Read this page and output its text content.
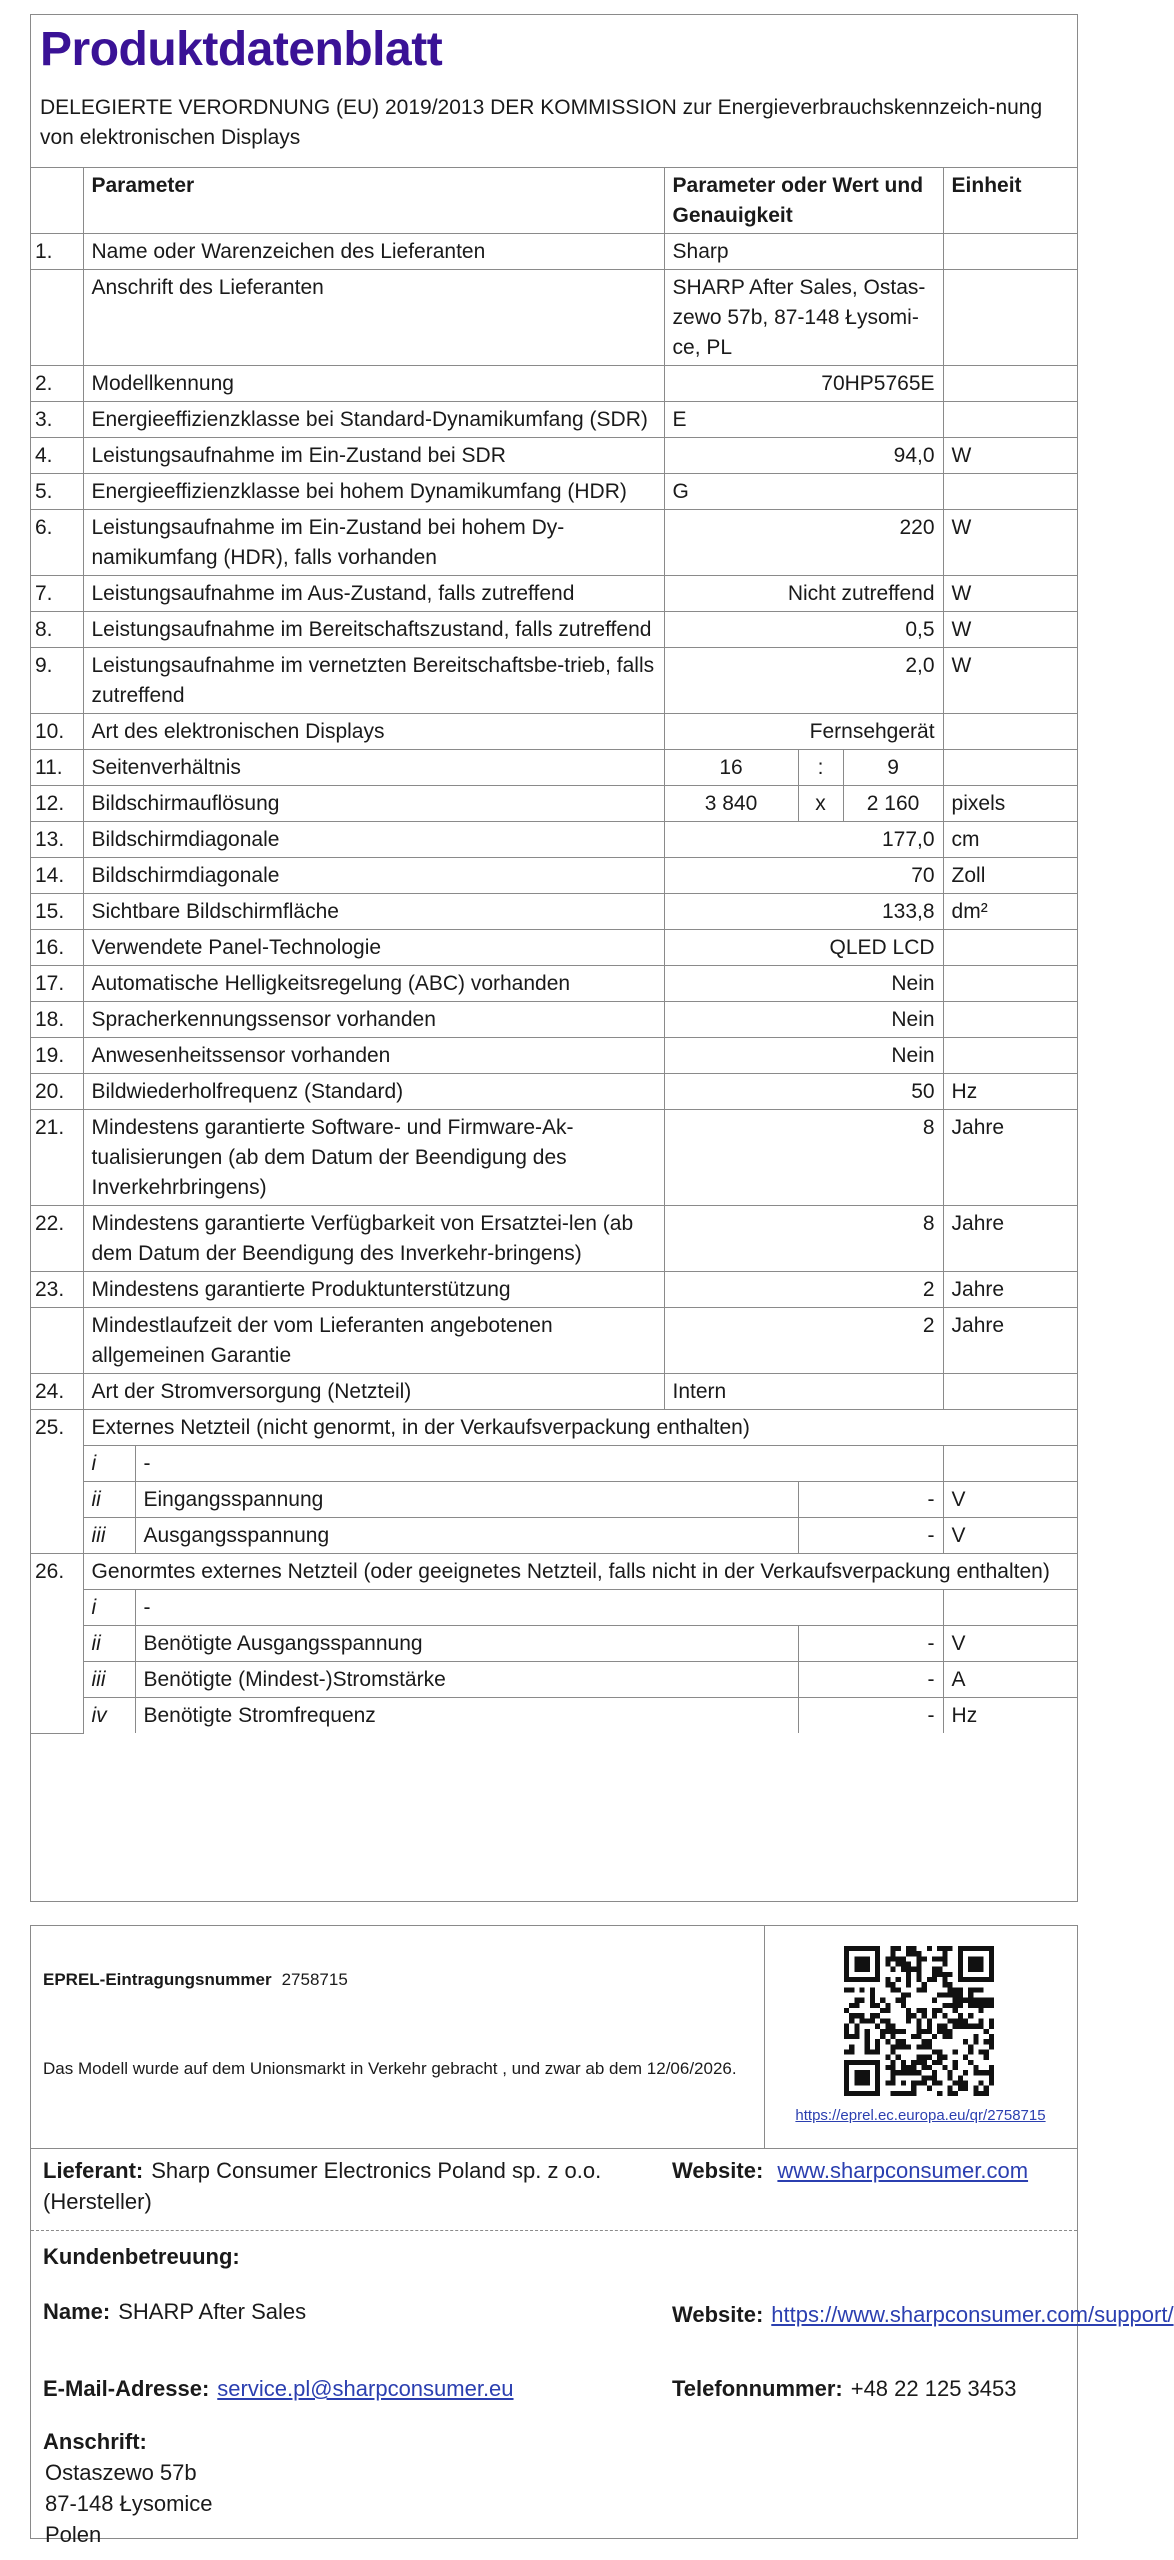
Produktdatenblatt
DELEGIERTE VERORDNUNG (EU) 2019/2013 DER KOMMISSION zur Energieverbrauchskennzeich-nung von elektronischen Displays
	Parameter		Parameter oder Wert und Genauigkeit			Einheit
1.	Name oder Warenzeichen des Lieferanten		Sharp			
	Anschrift des Lieferanten		SHARP After Sales, Ostas-zewo 57b, 87-148 Łysomi-ce, PL			
2.	Modellkennung		70HP5765E			
3.	Energieeffizienzklasse bei Standard-Dynamikumfang (SDR)		E			
4.	Leistungsaufnahme im Ein-Zustand bei SDR		94,0			W
5.	Energieeffizienzklasse bei hohem Dynamikumfang (HDR)		G			
6.	Leistungsaufnahme im Ein-Zustand bei hohem Dy-namikumfang (HDR), falls vorhanden		220			W
7.	Leistungsaufnahme im Aus-Zustand, falls zutreffend		Nicht zutreffend			W
8.	Leistungsaufnahme im Bereitschaftszustand, falls zutreffend		0,5			W
9.	Leistungsaufnahme im vernetzten Bereitschaftsbe-trieb, falls zutreffend		2,0			W
10.	Art des elektronischen Displays		Fernsehgerät			
11.	Seitenverhältnis		16	:	9	
12.	Bildschirmauflösung		3 840	x	2 160	pixels
13.	Bildschirmdiagonale		177,0			cm
14.	Bildschirmdiagonale		70			Zoll
15.	Sichtbare Bildschirmfläche		133,8			dm²
16.	Verwendete Panel-Technologie		QLED LCD			
17.	Automatische Helligkeitsregelung (ABC) vorhanden		Nein			
18.	Spracherkennungssensor vorhanden		Nein			
19.	Anwesenheitssensor vorhanden		Nein			
20.	Bildwiederholfrequenz (Standard)		50			Hz
21.	Mindestens garantierte Software- und Firmware-Ak-tualisierungen (ab dem Datum der Beendigung des Inverkehrbringens)		8			Jahre
22.	Mindestens garantierte Verfügbarkeit von Ersatztei-len (ab dem Datum der Beendigung des Inverkehr-bringens)		8			Jahre
23.	Mindestens garantierte Produktunterstützung		2			Jahre
	Mindestlaufzeit der vom Lieferanten angebotenen allgemeinen Garantie		2			Jahre
24.	Art der Stromversorgung (Netzteil)		Intern			
25.	Externes Netzteil (nicht genormt, in der Verkaufsverpackung enthalten)					
	i	-				
	ii	Eingangsspannung		-		V
	iii	Ausgangsspannung		-		V
26.	Genormtes externes Netzteil (oder geeignetes Netzteil, falls nicht in der Verkaufsverpackung enthalten)					
	i	-				
	ii	Benötigte Ausgangsspannung		-		V
	iii	Benötigte (Mindest-)Stromstärke		-		A
	iv	Benötigte Stromfrequenz		-		Hz
EPREL-Eintragungsnummer 2758715
Das Modell wurde auf dem Unionsmarkt in Verkehr gebracht , und zwar ab dem 12/06/2026.
https://eprel.ec.europa.eu/qr/2758715
Lieferant: Sharp Consumer Electronics Poland sp. z o.o. (Hersteller)
Website: www.sharpconsumer.com
Kundenbetreuung:
Name: SHARP After Sales	Website: https://www.sharpconsumer.com/support/
E-Mail-Adresse: service.pl@sharpconsumer.eu	Telefonnummer: +48 22 125 3453
Anschrift:
Ostaszewo 57b
87-148 Łysomice
Polen
